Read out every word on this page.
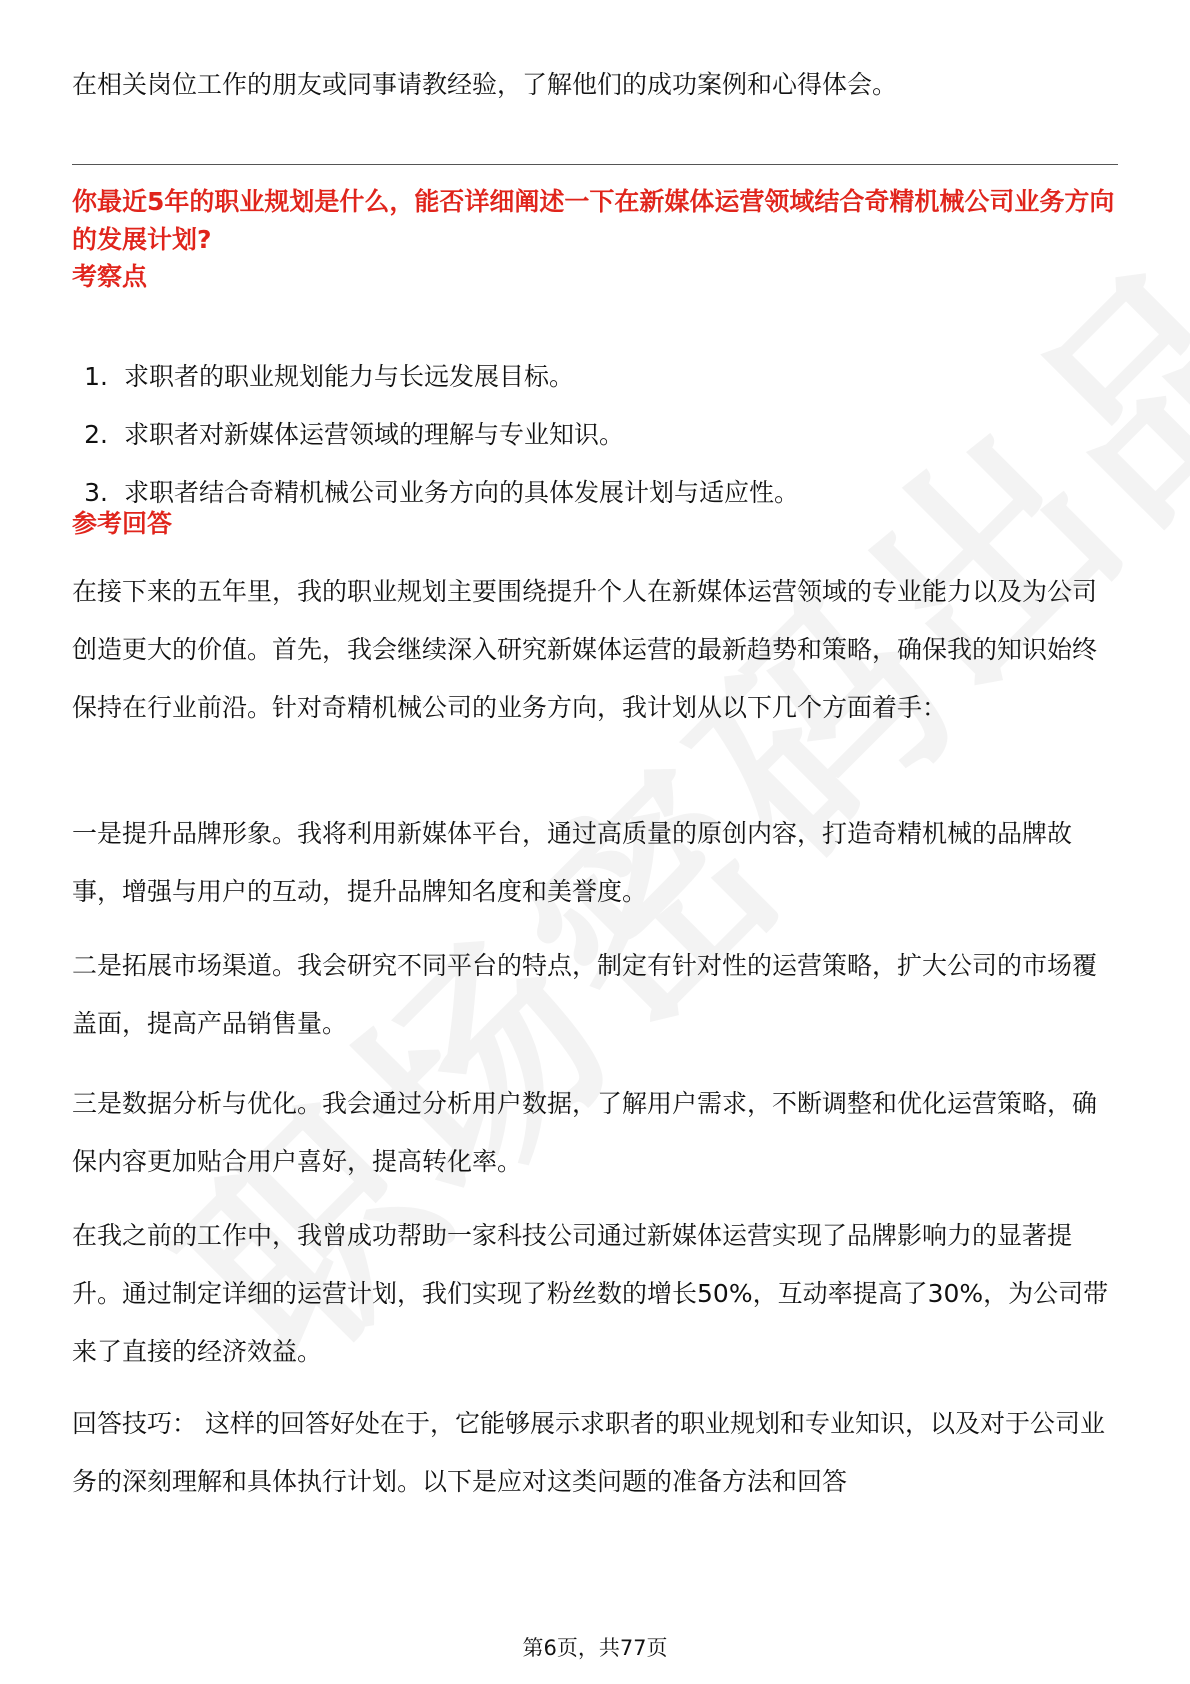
在相关岗位工作的朋友或同事请教经验，了解他们的成功案例和心得体会。

你最近5年的职业规划是什么，能否详细阐述一下在新媒体运营领域结合奇精机械公司业务方向的发展计划?

考察点

1. 求职者的职业规划能力与长远发展目标。
2. 求职者对新媒体运营领域的理解与专业知识。
3. 求职者结合奇精机械公司业务方向的具体发展计划与适应性。

参考回答

在接下来的五年里，我的职业规划主要围绕提升个人在新媒体运营领域的专业能力以及为公司创造更大的价值。首先，我会继续深入研究新媒体运营的最新趋势和策略，确保我的知识始终保持在行业前沿。针对奇精机械公司的业务方向，我计划从以下几个方面着手：

一是提升品牌形象。我将利用新媒体平台，通过高质量的原创内容，打造奇精机械的品牌故事，增强与用户的互动，提升品牌知名度和美誉度。

二是拓展市场渠道。我会研究不同平台的特点，制定有针对性的运营策略，扩大公司的市场覆盖面，提高产品销售量。

三是数据分析与优化。我会通过分析用户数据，了解用户需求，不断调整和优化运营策略，确保内容更加贴合用户喜好，提高转化率。

在我之前的工作中，我曾成功帮助一家科技公司通过新媒体运营实现了品牌影响力的显著提升。通过制定详细的运营计划，我们实现了粉丝数的增长50%，互动率提高了30%，为公司带来了直接的经济效益。

回答技巧： 这样的回答好处在于，它能够展示求职者的职业规划和专业知识，以及对于公司业务的深刻理解和具体执行计划。以下是应对这类问题的准备方法和回答

第6页，共77页
